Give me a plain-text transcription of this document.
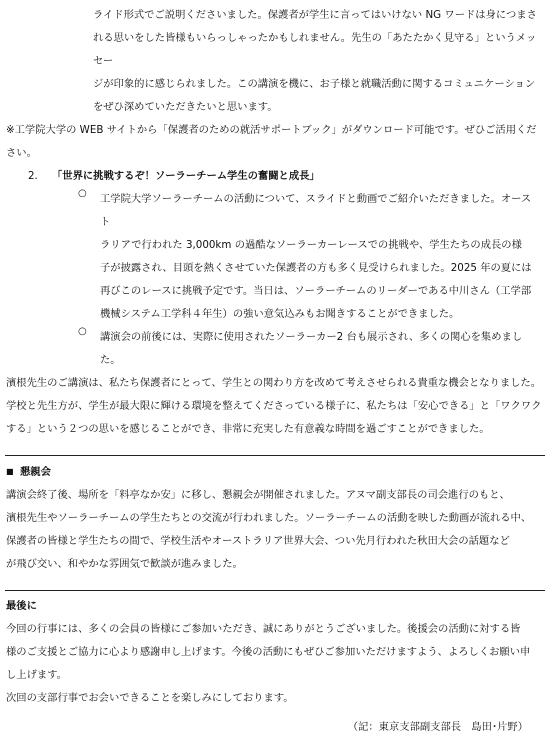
ライド形式でご説明くださいました。保護者が学生に言ってはいけない NG ワードは身につまさ

れる思いをした皆様もいらっしゃったかもしれません。先生の「あたたかく見守る」というメッセー

ジが印象的に感じられました。この講演を機に、お子様と就職活動に関するコミュニケーション

をぜひ深めていただきたいと思います。

※工学院大学の WEB サイトから「保護者のための就活サポートブック」がダウンロード可能です。ぜひご活用くだ

さい。

2. 「世界に挑戦するぞ！ソーラーチーム学生の奮闘と成長」
○ 工学院大学ソーラーチームの活動について、スライドと動画でご紹介いただきました。オースト

ラリアで行われた 3,000km の過酷なソーラーカーレースでの挑戦や、学生たちの成長の様

子が披露され、目頭を熱くさせていた保護者の方も多く見受けられました。2025 年の夏には

再びこのレースに挑戦予定です。当日は、ソーラーチームのリーダーである中川さん（工学部

機械システム工学科４年生）の強い意気込みもお聞きすることができました。

○ 講演会の前後には、実際に使用されたソーラーカー2 台も展示され、多くの関心を集めまし

た。

濱根先生のご講演は、私たち保護者にとって、学生との関わり方を改めて考えさせられる貴重な機会となりました。

学校と先生方が、学生が最大限に輝ける環境を整えてくださっている様子に、私たちは「安心できる」と「ワクワク

する」という２つの思いを感じることができ、非常に充実した有意義な時間を過ごすことができました。

■ 懇親会

講演会終了後、場所を「料亭なか安」に移し、懇親会が開催されました。アヌマ副支部長の司会進行のもと、

濱根先生やソーラーチームの学生たちとの交流が行われました。ソーラーチームの活動を映した動画が流れる中、

保護者の皆様と学生たちの間で、学校生活やオーストラリア世界大会、つい先月行われた秋田大会の話題など

が飛び交い、和やかな雰囲気で歓談が進みました。

最後に

今回の行事には、多くの会員の皆様にご参加いただき、誠にありがとうございました。後援会の活動に対する皆

様のご支援とご協力に心より感謝申し上げます。今後の活動にもぜひご参加いただけますよう、よろしくお願い申

し上げます。

次回の支部行事でお会いできることを楽しみにしております。

（記：東京支部副支部長　島田･片野）
